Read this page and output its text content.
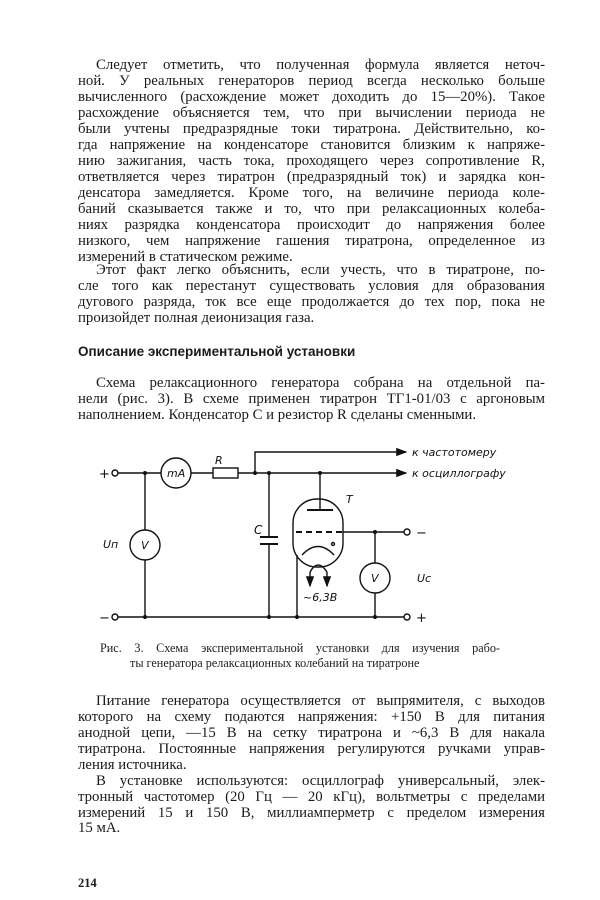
Следует отметить, что полученная формула является неточ-
ной. У реальных генераторов период всегда несколько больше
вычисленного (расхождение может доходить до 15—20%). Такое
расхождение объясняется тем, что при вычислении периода не
были учтены предразрядные токи тиратрона. Действительно, ко-
гда напряжение на конденсаторе становится близким к напряже-
нию зажигания, часть тока, проходящего через сопротивление R,
ответвляется через тиратрон (предразрядный ток) и зарядка кон-
денсатора замедляется. Кроме того, на величине периода коле-
баний сказывается также и то, что при релаксационных колеба-
ниях разрядка конденсатора происходит до напряжения более
низкого, чем напряжение гашения тиратрона, определенное из
измерений в статическом режиме.
Этот факт легко объяснить, если учесть, что в тиратроне, по-
сле того как перестанут существовать условия для образования
дугового разряда, ток все еще продолжается до тех пор, пока не
произойдет полная деионизация газа.
Схема релаксационного генератора собрана на отдельной па-
нели (рис. 3). В схеме применен тиратрон ТГ1-01/03 с аргоновым
наполнением. Конденсатор C и резистор R сделаны сменными.
Питание генератора осуществляется от выпрямителя, с выходов
которого на схему подаются напряжения: +150 В для питания
анодной цепи, —15 В на сетку тиратрона и ~6,3 В для накала
тиратрона. Постоянные напряжения регулируются ручками управ-
ления источника.
В установке используются: осциллограф универсальный, элек-
тронный частотомер (20 Гц — 20 кГц), вольтметры с пределами
измерений 15 и 150 В, миллиамперметр с пределом измерения
15 мА.
Описание экспериментальной установки
к частотомеру
к осциллографу
R
C
T
mA
V
V
Uп
Uc
~6,3В
+
−
−
+
Рис. 3. Схема экспериментальной установки для изучения рабо-
ты генератора релаксационных колебаний на тиратроне
214
